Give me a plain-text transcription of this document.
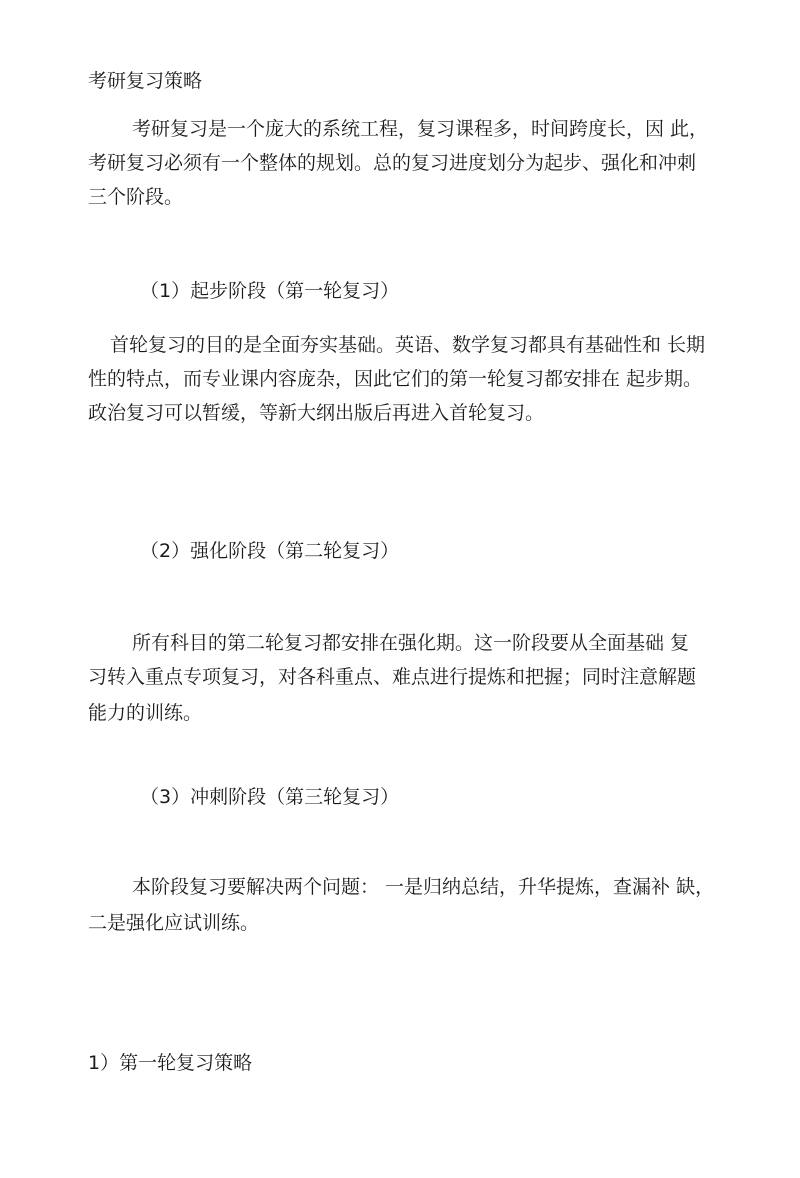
考研复习策略

考研复习是一个庞大的系统工程，复习课程多，时间跨度长，因 此，

考研复习必须有一个整体的规划。总的复习进度划分为起步、强化和冲刺

三个阶段。

（1）起步阶段（第一轮复习）

首轮复习的目的是全面夯实基础。英语、数学复习都具有基础性和 长期

性的特点，而专业课内容庞杂，因此它们的第一轮复习都安排在 起步期。

政治复习可以暂缓，等新大纲出版后再进入首轮复习。

（2）强化阶段（第二轮复习）

所有科目的第二轮复习都安排在强化期。这一阶段要从全面基础 复

习转入重点专项复习，对各科重点、难点进行提炼和把握；同时注意解题

能力的训练。

（3）冲刺阶段（第三轮复习）

本阶段复习要解决两个问题： 一是归纳总结，升华提炼，查漏补 缺，

二是强化应试训练。

1）第一轮复习策略
